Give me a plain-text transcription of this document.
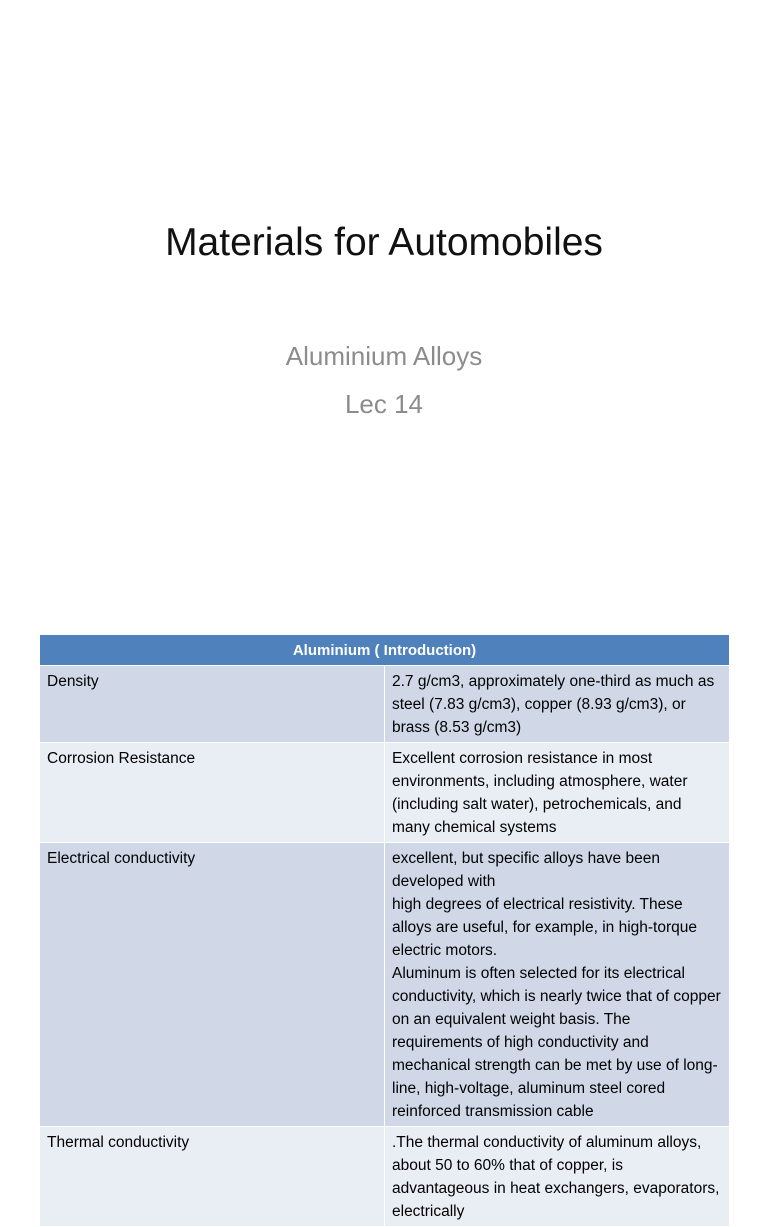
Materials for Automobiles
Aluminium Alloys
Lec 14
Aluminium ( Introduction)	
Density	2.7 g/cm3, approximately one-third as much as steel (7.83 g/cm3), copper (8.93 g/cm3), or brass (8.53 g/cm3)
Corrosion Resistance	Excellent corrosion resistance in most environments, including atmosphere, water (including salt water), petrochemicals, and many chemical systems
Electrical conductivity	excellent, but specific alloys have been developed with
high degrees of electrical resistivity. These alloys are useful, for example, in high-torque electric motors.
Aluminum is often selected for its electrical conductivity, which is nearly twice that of copper on an equivalent weight basis. The requirements of high conductivity and mechanical strength can be met by use of long-line, high-voltage, aluminum steel cored reinforced transmission cable

Thermal conductivity	.The thermal conductivity of aluminum alloys, about 50 to 60% that of copper, is advantageous in heat exchangers, evaporators, electrically
